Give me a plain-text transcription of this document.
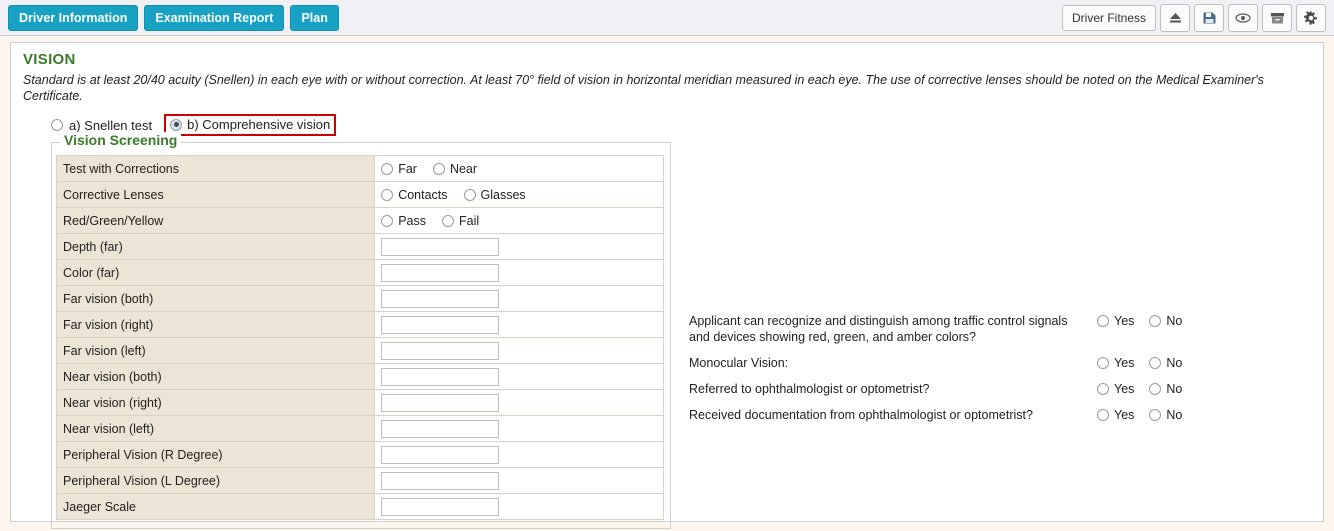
Driver Information	Examination Report	Plan	Driver Fitness
VISION
Standard is at least 20/40 acuity (Snellen) in each eye with or without correction. At least 70° field of vision in horizontal meridian measured in each eye. The use of corrective lenses should be noted on the Medical Examiner's Certificate.
a) Snellen test	b) Comprehensive vision
Vision Screening
Test with Corrections	Far Near

Corrective Lenses	Contacts Glasses

Red/Green/Yellow	Pass Fail

Depth (far)	
Color (far)	
Far vision (both)	
Far vision (right)	
Far vision (left)	
Near vision (both)	
Near vision (right)	
Near vision (left)	
Peripheral Vision (R Degree)	
Peripheral Vision (L Degree)	
Jaeger Scale	
Applicant can recognize and distinguish among traffic control signals and devices showing red, green, and amber colors?
Yes	No
Monocular Vision:	Yes	No
Referred to ophthalmologist or optometrist?	Yes	No
Received documentation from ophthalmologist or optometrist?	Yes	No
